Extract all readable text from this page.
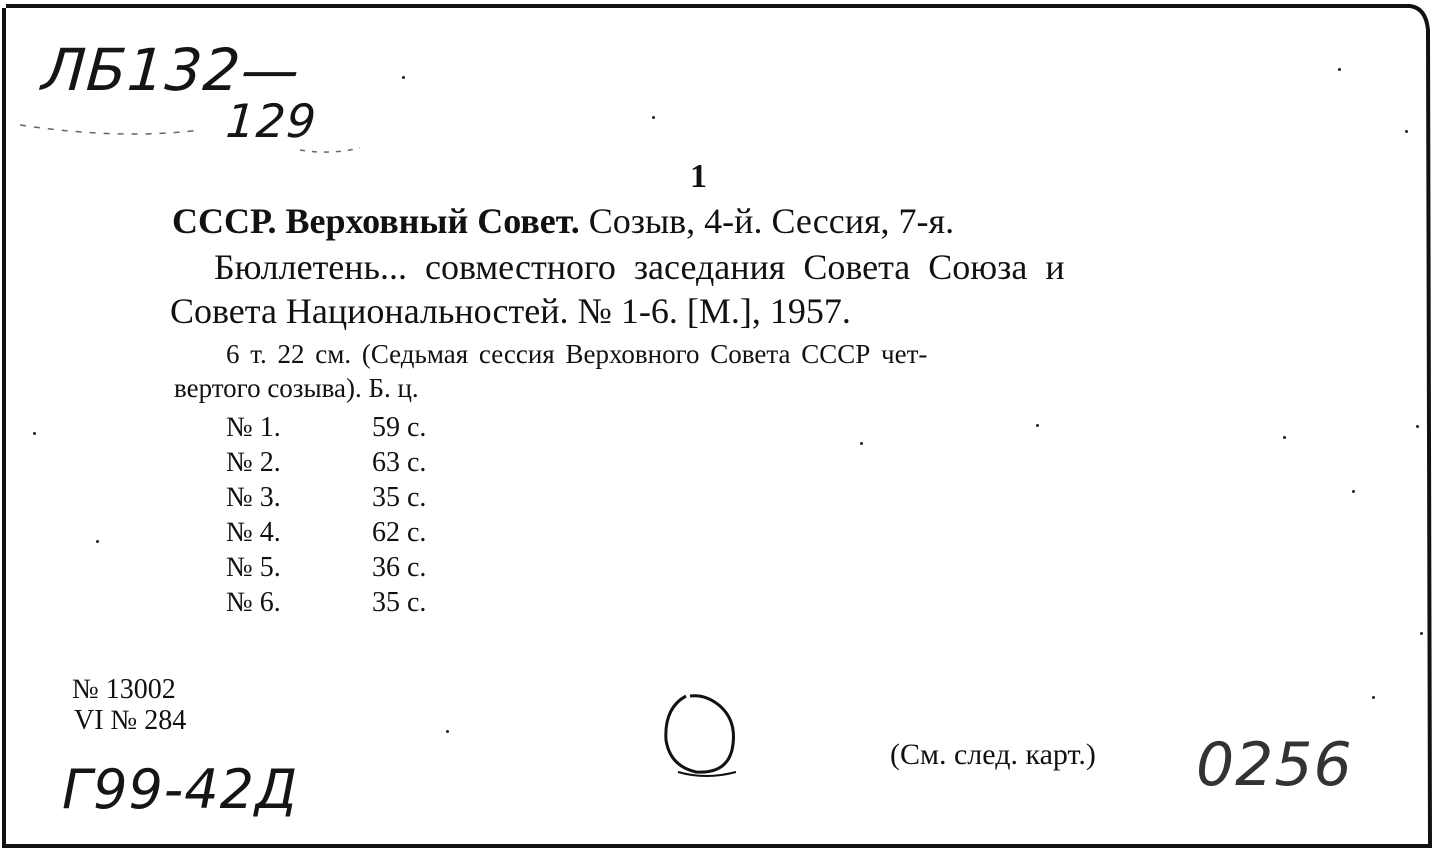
ЛБ132—
129
1
СССР. Верховный Совет. Созыв, 4-й. Сессия, 7-я.
Бюллетень... совместного заседания Совета Союза и
Совета Национальностей. № 1-6. [М.], 1957.
6 т. 22 см. (Седьмая сессия Верховного Совета СССР чет-
вертого созыва). Б. ц.
№ 1.	59 с.
№ 2.	63 с.
№ 3.	35 с.
№ 4.	62 с.
№ 5.	36 с.
№ 6.	35 с.
№ 13002
VI № 284
(См. след. карт.)
Г99-42Д	0256
